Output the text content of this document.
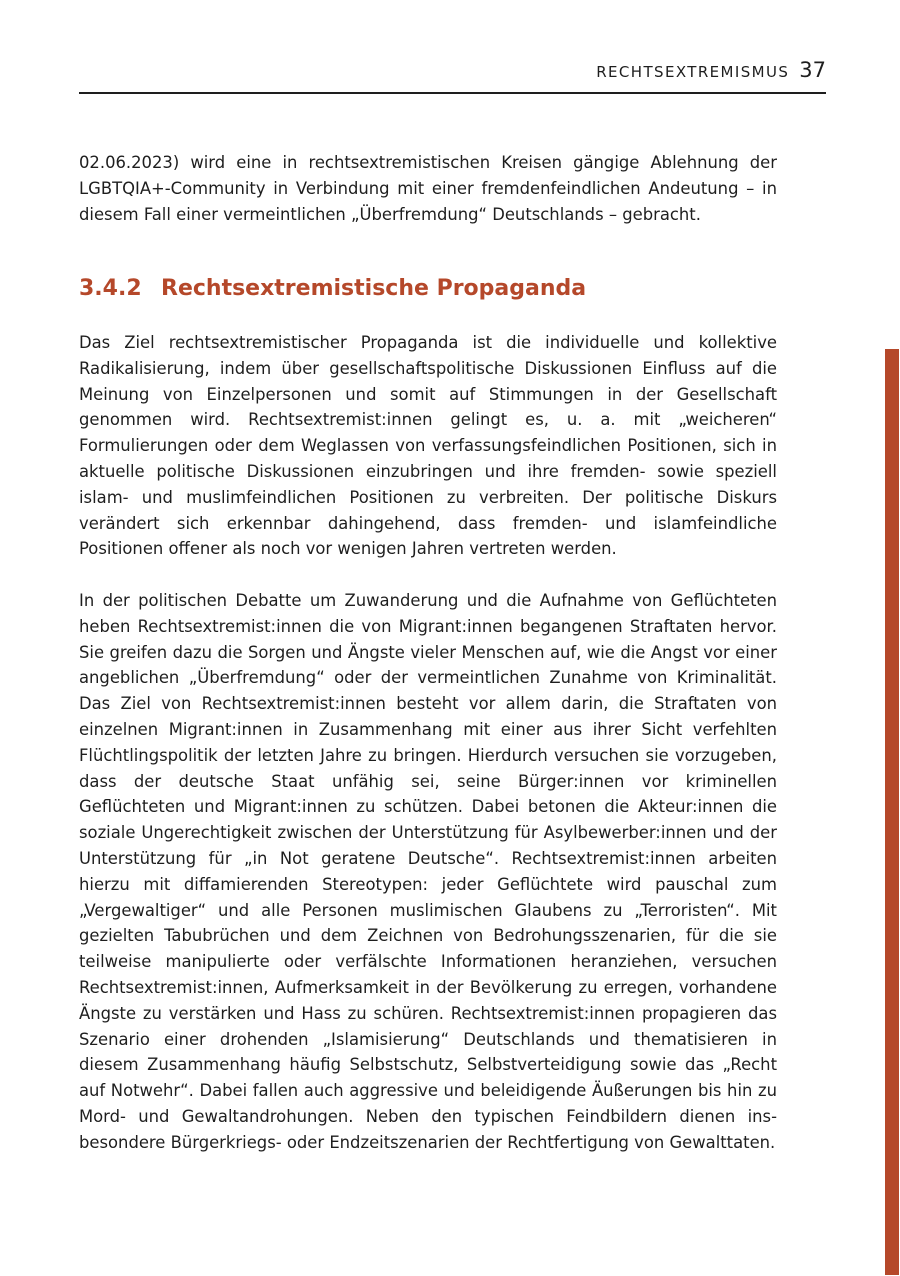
RECHTSEXTREMISMUS 37

02.06.2023) wird eine in rechtsextremistischen Kreisen gängige Ablehnung der LGBTQIA+-Community in Verbindung mit einer fremdenfeindlichen Andeutung – in diesem Fall einer vermeintlichen „Überfremdung“ Deutschlands – gebracht.

3.4.2 Rechtsextremistische Propaganda

Das Ziel rechtsextremistischer Propaganda ist die individuelle und kollektive Radikalisierung, indem über gesellschaftspolitische Diskussionen Einfluss auf die Meinung von Einzelpersonen und somit auf Stimmungen in der Gesellschaft genommen wird. Rechtsextremist:innen gelingt es, u. a. mit „weicheren“ Formulierungen oder dem Weglassen von verfassungsfeindlichen Positionen, sich in aktuelle politische Diskussionen einzubringen und ihre fremden- sowie speziell islam- und muslimfeindlichen Positionen zu verbreiten. Der politische Diskurs verändert sich erkennbar dahingehend, dass fremden- und islamfeindliche Positionen offener als noch vor wenigen Jahren vertreten werden.

In der politischen Debatte um Zuwanderung und die Aufnahme von Geflüchteten heben Rechtsextremist:innen die von Migrant:innen begangenen Straftaten hervor. Sie greifen dazu die Sorgen und Ängste vieler Menschen auf, wie die Angst vor einer angeblichen „Überfremdung“ oder der vermeintlichen Zunahme von Kriminalität. Das Ziel von Rechtsextremist:innen besteht vor allem darin, die Straftaten von einzelnen Migrant:innen in Zusammenhang mit einer aus ihrer Sicht verfehlten Flüchtlingspolitik der letzten Jahre zu bringen. Hierdurch versuchen sie vorzugeben, dass der deutsche Staat unfähig sei, seine Bürger:innen vor kriminellen Geflüchteten und Migrant:innen zu schützen. Dabei betonen die Akteur:innen die soziale Ungerechtigkeit zwischen der Unterstützung für Asylbewerber:innen und der Unterstützung für „in Not geratene Deutsche“. Rechtsextremist:innen arbeiten hierzu mit diffamierenden Stereotypen: jeder Geflüchtete wird pauschal zum „Vergewaltiger“ und alle Personen muslimischen Glaubens zu „Terroristen“. Mit gezielten Tabubrüchen und dem Zeichnen von Bedrohungsszenarien, für die sie teilweise manipulierte oder verfälschte Informationen heranziehen, versuchen Rechtsextremist:innen, Aufmerksamkeit in der Bevölkerung zu erregen, vorhandene Ängste zu verstärken und Hass zu schüren. Rechtsextremist:innen propagieren das Szenario einer drohenden „Islamisierung“ Deutschlands und thematisieren in diesem Zusammenhang häufig Selbstschutz, Selbstverteidigung sowie das „Recht auf Notwehr“. Dabei fallen auch aggressive und beleidigende Äußerungen bis hin zu Mord- und Gewaltandrohungen. Neben den typischen Feindbildern dienen insbesondere Bürgerkriegs- oder Endzeitszenarien der Rechtfertigung von Gewalttaten.
